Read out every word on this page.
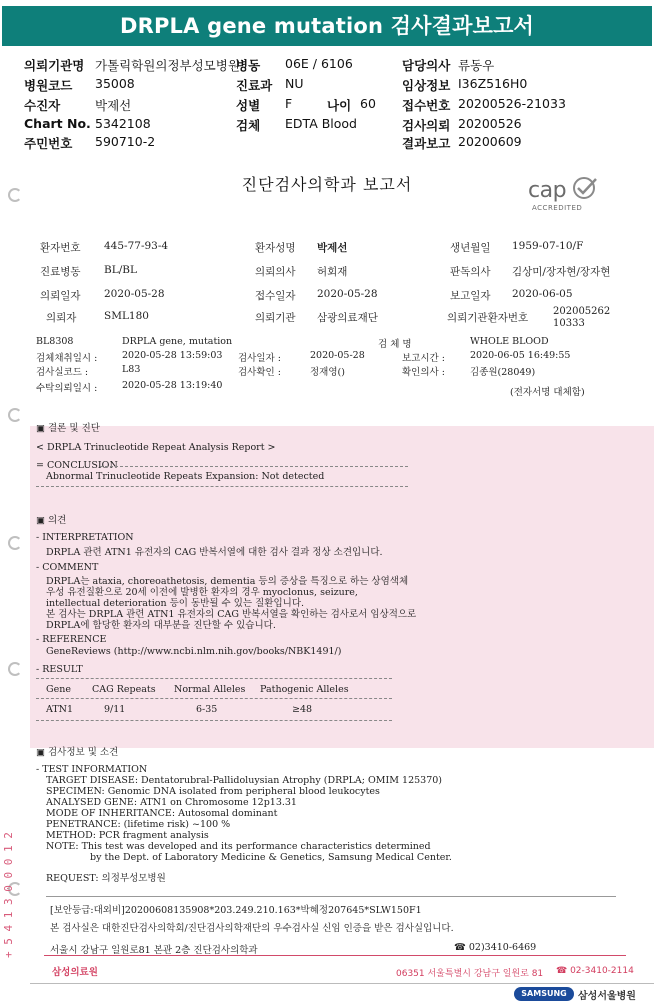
DRPLA gene mutation 검사결과보고서
의뢰기관명 가톨릭학원의정부성모병원
병동 06E / 6106	담당의사 류동우
병원코드 35008	진료과 NU	임상정보 I36Z516H0
수진자	박제선	성별 F	나이 60 접수번호 20200526-21033
Chart No. 5342108	검체 EDTA Blood	검사의뢰 20200526
주민번호 590710-2	결과보고 20200609
진단검사의학과 보고서	cap
ACCREDITED
환자번호 445-77-93-4	환자성명 박제선	생년월일 1959-07-10/F
진료병동 BL/BL	의뢰의사 허회재	판독의사 김상미/장자현/장자현
의뢰일자 2020-05-28	접수일자 2020-05-28	보고일자 2020-06-05
의뢰자	SML180	의뢰기관 삼광의료재단	의뢰기관환자번호
20200526210333
BL8308	DRPLA gene, mutation	검 체 명	WHOLE BLOOD
검체채취일시 :	2020-05-28 13:59:03 검사일자 :	2020-05-28	보고시간 :	2020-06-05 16:49:55
검사실코드 :	L83	검사확인 :	정재영()	확인의사 :	김종원(28049)
수탁의뢰일시 :	2020-05-28 13:19:40
(전자서명 대체함)
▣ 결론 및 진단
< DRPLA Trinucleotide Repeat Analysis Report >
= CONCLUSION
Abnormal Trinucleotide Repeats Expansion: Not detected
▣ 의견
- INTERPRETATION
DRPLA 관련 ATN1 유전자의 CAG 반복서열에 대한 검사 결과 정상 소견입니다.
- COMMENT
DRPLA는 ataxia, choreoathetosis, dementia 등의 증상을 특징으로 하는 상염색체
우성 유전질환으로 20세 이전에 발병한 환자의 경우 myoclonus, seizure,
intellectual deterioration 등이 동반될 수 있는 질환입니다.
본 검사는 DRPLA 관련 ATN1 유전자의 CAG 반복서열을 확인하는 검사로서 임상적으로
DRPLA에 합당한 환자의 대부분을 진단할 수 있습니다.
- REFERENCE
GeneReviews (http://www.ncbi.nlm.nih.gov/books/NBK1491/)
- RESULT
Gene CAG Repeats Normal Alleles Pathogenic Alleles
ATN1	9/11	6-35	≥48
▣ 검사정보 및 소견
- TEST INFORMATION
TARGET DISEASE: Dentatorubral-Pallidoluysian Atrophy (DRPLA; OMIM 125370)
SPECIMEN: Genomic DNA isolated from peripheral blood leukocytes
ANALYSED GENE: ATN1 on Chromosome 12p13.31
MODE OF INHERITANCE: Autosomal dominant
PENETRANCE: (lifetime risk) ~100 %
METHOD: PCR fragment analysis
NOTE: This test was developed and its performance characteristics determined
by the Dept. of Laboratory Medicine & Genetics, Samsung Medical Center.
REQUEST: 의정부성모병원
+ 5 4 1 3 0 0 0 1 2	[보안등급:대외비]20200608135908*203.249.210.163*박혜정207645*SLW150F1
본 검사실은 대한진단검사의학회/진단검사의학재단의 우수검사실 신임 인증을 받은 검사실입니다.
서울시 강남구 일원로81 본관 2층 진단검사의학과	☎ 02)3410-6469
삼성의료원	06351 서울특별시 강남구 일원로 81 ☎ 02-3410-2114
SAMSUNG	삼성서울병원
